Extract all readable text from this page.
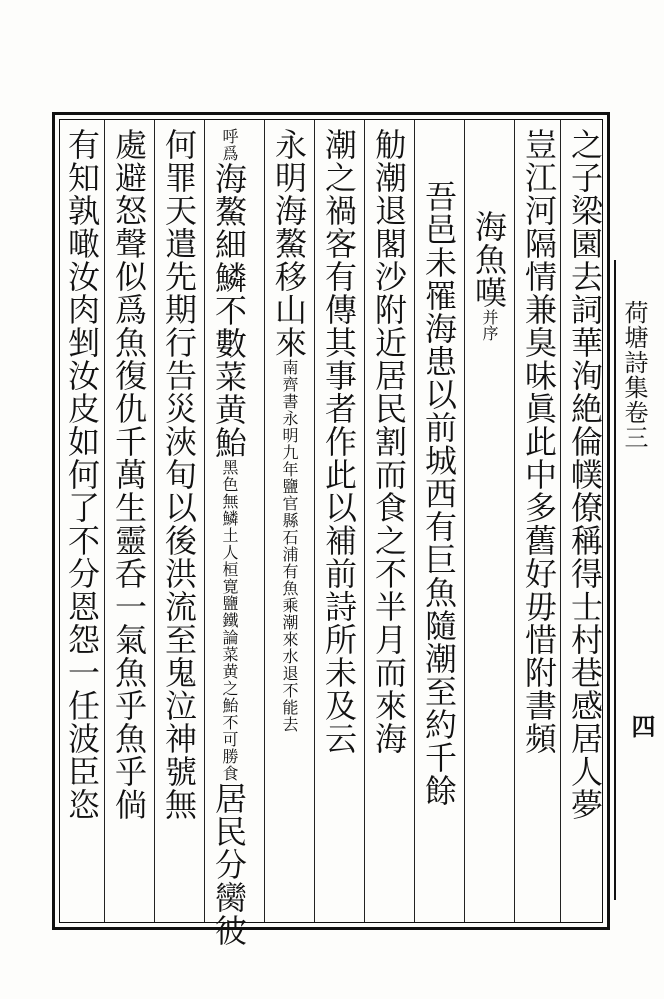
荷塘詩集卷三
四
之子梁園去詞華洵絶倫幞僚稱得士村巷感居人夢
豈江河隔情兼臭味眞此中多舊好毋惜附書頻
海魚嘆并序
吾邑未罹海患以前城西有巨魚隨潮至約千餘
觔潮退閣沙附近居民割而食之不半月而來海
潮之禍客有傳其事者作此以補前詩所未及云
永明海鰲移山來南齊書永明九年鹽官縣石浦有魚乘潮來水退不能去
呼爲海鰲細鱗不數菜黄鮐黑色無鱗土人桓寛鹽鐵論菜黄之鮐不可勝食居民分臠彼
何罪天遣先期行告災浹旬以後洪流至鬼泣神號無
處避怒聲似爲魚復仇千萬生靈呑一氣魚乎魚乎倘
有知孰噉汝肉剉汝皮如何了不分恩怨一任波臣恣
